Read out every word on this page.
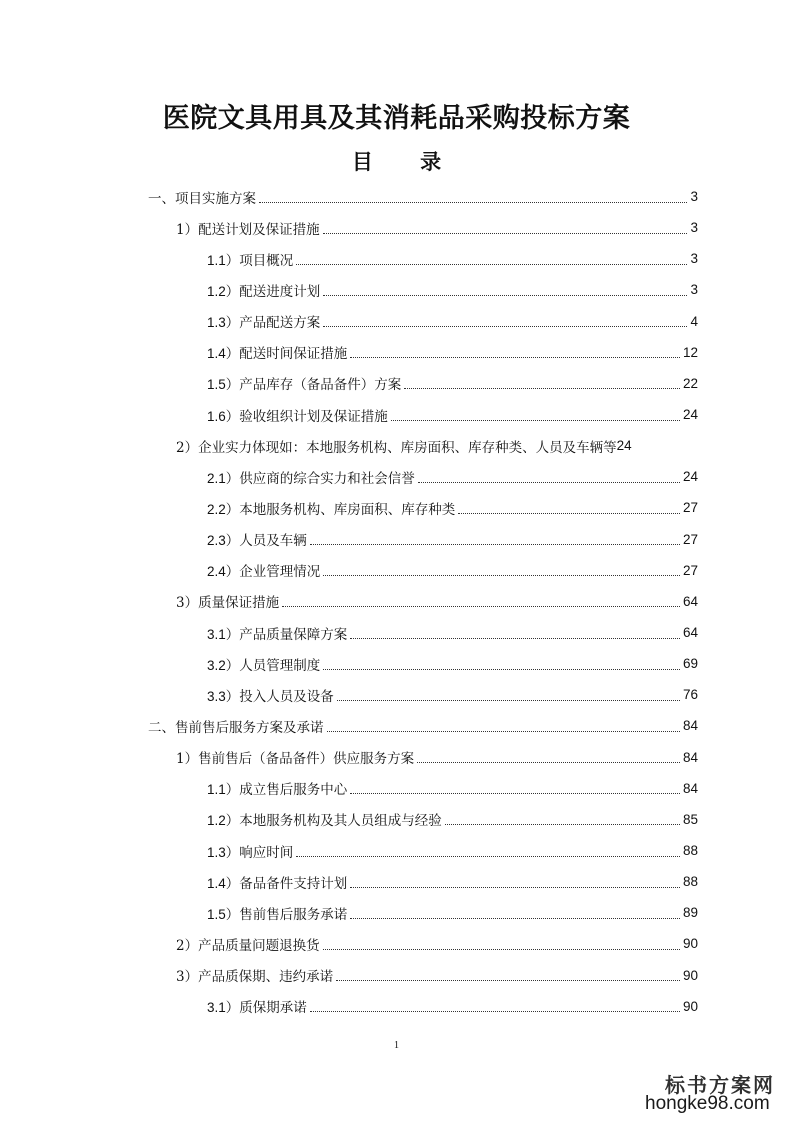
医院文具用具及其消耗品采购投标方案
目 录
一、项目实施方案	3
1）配送计划及保证措施	3
1.1）项目概况	3
1.2）配送进度计划	3
1.3）产品配送方案	4
1.4）配送时间保证措施	12
1.5）产品库存（备品备件）方案	22
1.6）验收组织计划及保证措施	24
2）企业实力体现如：本地服务机构、库房面积、库存种类、人员及车辆等 24
2.1）供应商的综合实力和社会信誉	24
2.2）本地服务机构、库房面积、库存种类	27
2.3）人员及车辆	27
2.4）企业管理情况	27
3）质量保证措施	64
3.1）产品质量保障方案	64
3.2）人员管理制度	69
3.3）投入人员及设备	76
二、售前售后服务方案及承诺	84
1）售前售后（备品备件）供应服务方案	84
1.1）成立售后服务中心	84
1.2）本地服务机构及其人员组成与经验	85
1.3）响应时间	88
1.4）备品备件支持计划	88
1.5）售前售后服务承诺	89
2）产品质量问题退换货	90
3）产品质保期、违约承诺	90
3.1）质保期承诺	90
1
标书方案网
hongke98.com
